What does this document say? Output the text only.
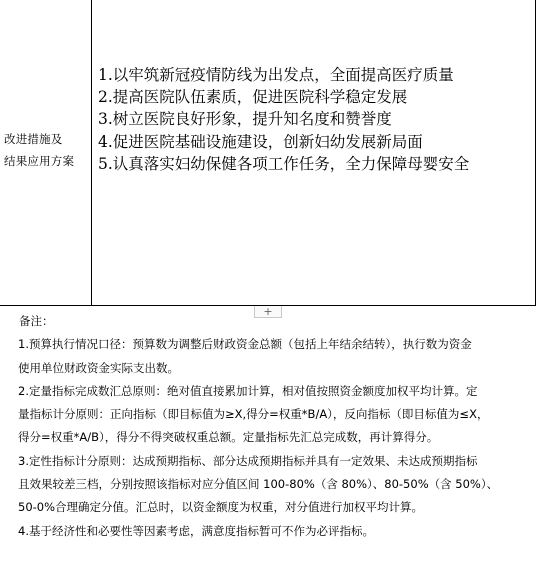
改进措施及
结果应用方案
1.以牢筑新冠疫情防线为出发点，全面提高医疗质量
2.提高医院队伍素质，促进医院科学稳定发展
3.树立医院良好形象，提升知名度和赞誉度
4.促进医院基础设施建设，创新妇幼发展新局面
5.认真落实妇幼保健各项工作任务，全力保障母婴安全
+

备注：

1.预算执行情况口径：预算数为调整后财政资金总额（包括上年结余结转），执行数为资金

使用单位财政资金实际支出数。

2.定量指标完成数汇总原则：绝对值直接累加计算，相对值按照资金额度加权平均计算。定

量指标计分原则：正向指标（即目标值为≥X,得分=权重*B/A），反向指标（即目标值为≤X，

得分=权重*A/B），得分不得突破权重总额。定量指标先汇总完成数，再计算得分。

3.定性指标计分原则：达成预期指标、部分达成预期指标并具有一定效果、未达成预期指标

且效果较差三档，分别按照该指标对应分值区间 100-80%（含 80%）、80-50%（含 50%）、

50-0%合理确定分值。汇总时，以资金额度为权重，对分值进行加权平均计算。

4.基于经济性和必要性等因素考虑，满意度指标暂可不作为必评指标。
